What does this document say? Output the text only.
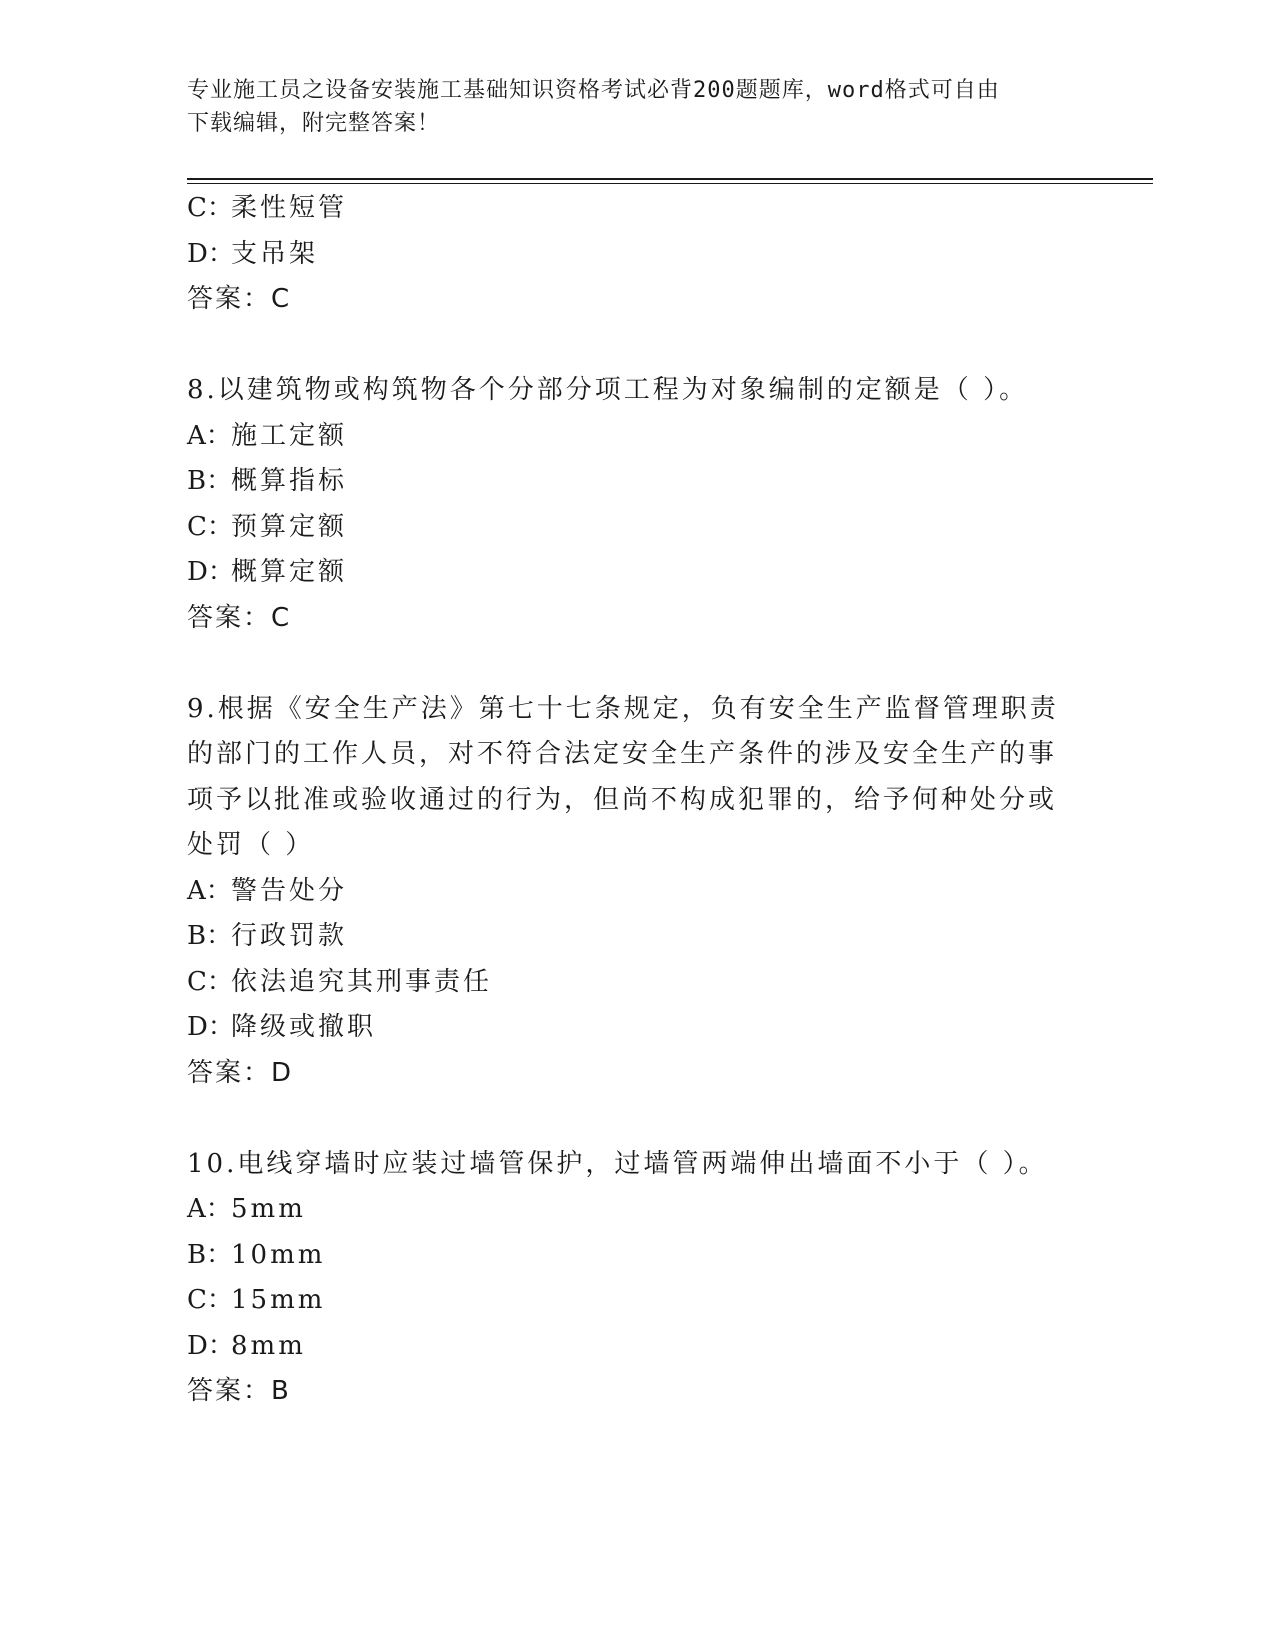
专业施工员之设备安装施工基础知识资格考试必背200题题库，word格式可自由
下载编辑，附完整答案！
C：柔性短管
D：支吊架
答案：C
8.以建筑物或构筑物各个分部分项工程为对象编制的定额是（ ）。
A：施工定额
B：概算指标
C：预算定额
D：概算定额
答案：C
9.根据《安全生产法》第七十七条规定，负有安全生产监督管理职责
的部门的工作人员，对不符合法定安全生产条件的涉及安全生产的事
项予以批准或验收通过的行为，但尚不构成犯罪的，给予何种处分或
处罚（ ）
A：警告处分
B：行政罚款
C：依法追究其刑事责任
D：降级或撤职
答案：D
10.电线穿墙时应装过墙管保护，过墙管两端伸出墙面不小于（ ）。
A：5mm
B：10mm
C：15mm
D：8mm
答案：B
